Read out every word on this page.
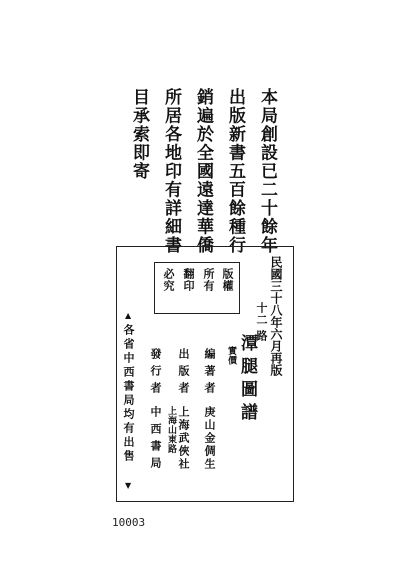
本局創設已二十餘年
出版新書五百餘種行
銷遍於全國遠達華僑
所居各地印有詳細書
目承索即寄
民國三十八年六月再版
十二
路
潭腿圖譜
實價
版權
所有
翻印
必究
編著者
庚山金倜生
出版者
上海武俠社
發行者
上海山東路
中西書局
▲
各省中西書局均有出售
▼
10003
